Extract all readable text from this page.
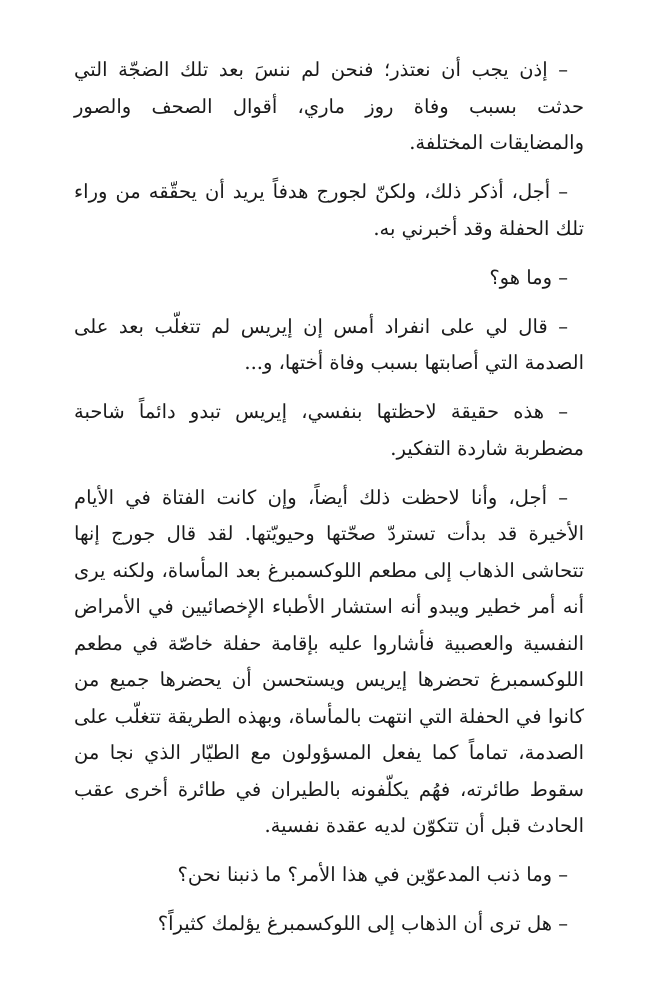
– إذن يجب أن نعتذر؛ فنحن لم ننسَ بعد تلك الضجّة التي حدثت بسبب وفاة روز ماري، أقوال الصحف والصور والمضايقات المختلفة.

– أجل، أذكر ذلك، ولكنّ لجورج هدفاً يريد أن يحقّقه من وراء تلك الحفلة وقد أخبرني به.

– وما هو؟

– قال لي على انفراد أمس إن إيريس لم تتغلّب بعد على الصدمة التي أصابتها بسبب وفاة أختها، و...

– هذه حقيقة لاحظتها بنفسي، إيريس تبدو دائماً شاحبة مضطربة شاردة التفكير.

– أجل، وأنا لاحظت ذلك أيضاً، وإن كانت الفتاة في الأيام الأخيرة قد بدأت تستردّ صحّتها وحيويّتها. لقد قال جورج إنها تتحاشى الذهاب إلى مطعم اللوكسمبرغ بعد المأساة، ولكنه يرى أنه أمر خطير ويبدو أنه استشار الأطباء الإخصائيين في الأمراض النفسية والعصبية فأشاروا عليه بإقامة حفلة خاصّة في مطعم اللوكسمبرغ تحضرها إيريس ويستحسن أن يحضرها جميع من كانوا في الحفلة التي انتهت بالمأساة، وبهذه الطريقة تتغلّب على الصدمة، تماماً كما يفعل المسؤولون مع الطيّار الذي نجا من سقوط طائرته، فهُم يكلّفونه بالطيران في طائرة أخرى عقب الحادث قبل أن تتكوّن لديه عقدة نفسية.

– وما ذنب المدعوّين في هذا الأمر؟ ما ذنبنا نحن؟

– هل ترى أن الذهاب إلى اللوكسمبرغ يؤلمك كثيراً؟
